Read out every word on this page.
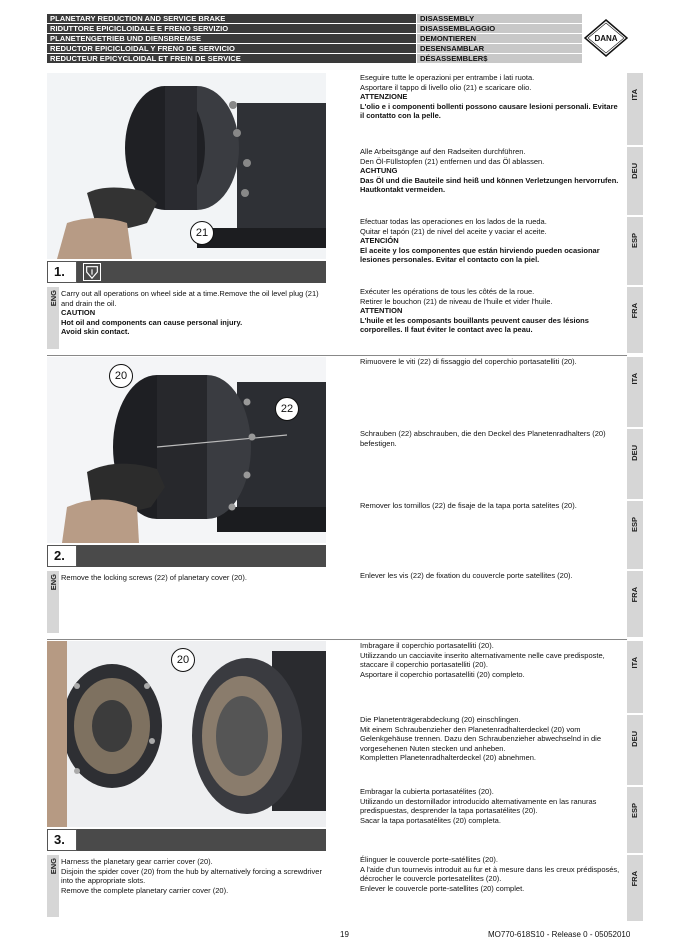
PLANETARY REDUCTION AND SERVICE BRAKE	DISASSEMBLY
RIDUTTORE EPICICLOIDALE E FRENO SERVIZIO	DISASSEMBLAGGIO
PLANETENGETRIEB UND DIENSBREMSE	DEMONTIEREN
REDUCTOR EPICICLOIDAL Y FRENO DE SERVICIO	DESENSAMBLAR
REDUCTEUR EPICYCLOIDAL ET FREIN DE SERVICE	DÉSASSEMBLER$
DANA
21
1.
ENG Carry out all operations on wheel side at a time.Remove the oil level plug (21) and drain the oil.
CAUTION
Hot oil and components can cause personal injury.
Avoid skin contact.
Eseguire tutte le operazioni per entrambe i lati ruota.
Asportare il tappo di livello olio (21) e scaricare olio.
ATTENZIONE
L'olio e i componenti bollenti possono causare lesioni personali. Evitare il contatto con la pelle.
ITA
Alle Arbeitsgänge auf den Radseiten durchführen.
Den Öl-Füllstopfen (21) entfernen und das Öl ablassen.
ACHTUNG
Das Öl und die Bauteile sind heiß und können Verletzungen hervorrufen. Hautkontakt vermeiden.
DEU
Efectuar todas las operaciones en los lados de la rueda.
Quitar el tapón (21) de nivel del aceite y vaciar el aceite.
ATENCIÓN
El aceite y los componentes que están hirviendo pueden ocasionar lesiones personales. Evitar el contacto con la piel.
ESP
Exécuter les opérations de tous les côtés de la roue.
Retirer le bouchon (21) de niveau de l'huile et vider l'huile.
ATTENTION
L'huile et les composants bouillants peuvent causer des lésions corporelles. Il faut éviter le contact avec la peau.
FRA
20
22
2.
ENG Remove the locking screws (22) of planetary cover (20).
Rimuovere le viti (22) di fissaggio del coperchio portasatelliti (20).
ITA
Schrauben (22) abschrauben, die den Deckel des Planetenradhalters (20) befestigen.
DEU
Remover los tornillos (22) de fisaje de la tapa porta satelites (20).
ESP
Enlever les vis (22) de fixation du couvercle porte satellites (20).
FRA
20
3.
ENG Harness the planetary gear carrier cover (20).
Disjoin the spider cover (20) from the hub by alternatively forcing a screwdriver into the appropriate slots.
Remove the complete planetary carrier cover (20).
Imbragare il coperchio portasatelliti (20).
Utilizzando un cacciavite inserito alternativamente nelle cave predisposte, staccare il coperchio portasatelliti (20).
Asportare il coperchio portasatelliti (20) completo.
ITA
Die Planetenträgerabdeckung (20) einschlingen.
Mit einem Schraubenzieher den Planetenradhalterdeckel (20) vom Gelenkgehäuse trennen. Dazu den Schraubenzieher abwechselnd in die vorgesehenen Nuten stecken und anheben.
Kompletten Planetenradhalterdeckel (20) abnehmen.
DEU
Embragar la cubierta portasatélites (20).
Utilizando un destornillador introducido alternativamente en las ranuras predispuestas, desprender la tapa portasatélites (20).
Sacar la tapa portasatélites (20) completa.
ESP
Élinguer le couvercle porte-satéllites (20).
A l'aide d'un tournevis introduit au fur et à mesure dans les creux prédisposés, décrocher le couvercle portesatellites (20).
Enlever le couvercle porte-satellites (20) complet.
FRA
19	MO770-618S10 - Release 0 - 05052010
